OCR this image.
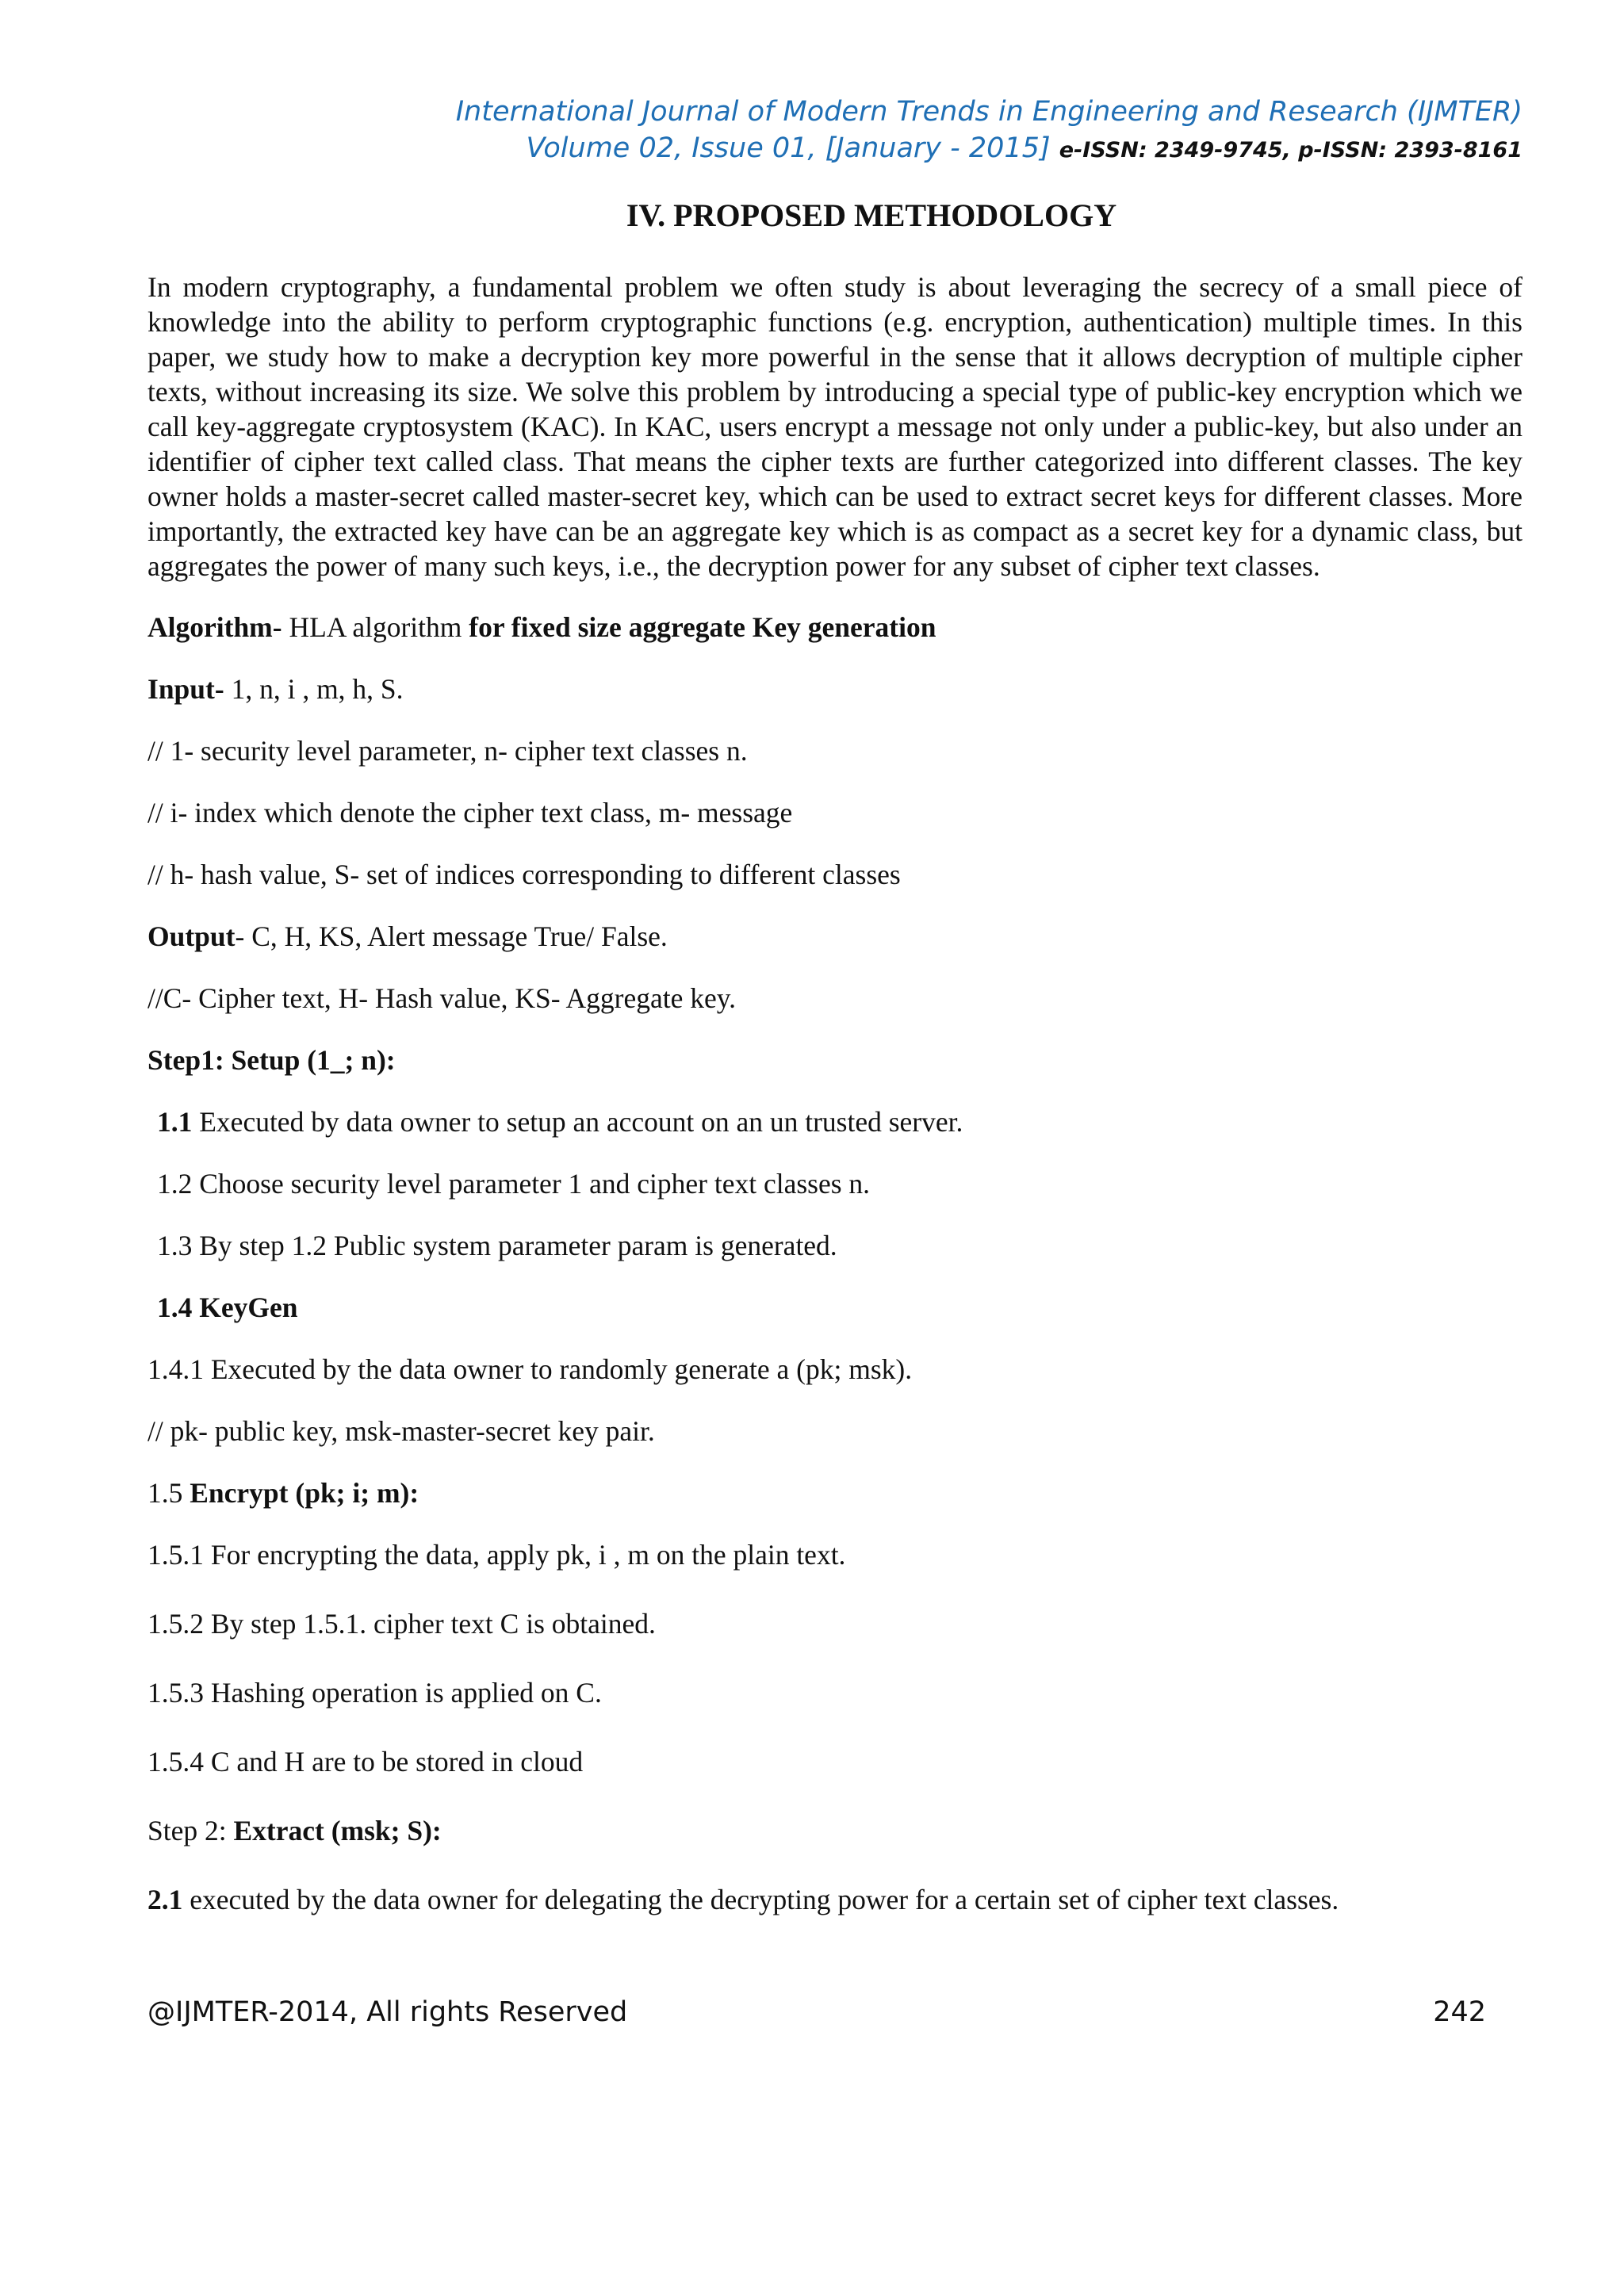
International Journal of Modern Trends in Engineering and Research (IJMTER)
Volume 02, Issue 01, [January - 2015] e-ISSN: 2349-9745, p-ISSN: 2393-8161
IV. PROPOSED METHODOLOGY

In modern cryptography, a fundamental problem we often study is about leveraging the secrecy of a small piece of knowledge into the ability to perform cryptographic functions (e.g. encryption, authentication) multiple times. In this paper, we study how to make a decryption key more powerful in the sense that it allows decryption of multiple cipher texts, without increasing its size. We solve this problem by introducing a special type of public-key encryption which we call key-aggregate cryptosystem (KAC). In KAC, users encrypt a message not only under a public-key, but also under an identifier of cipher text called class. That means the cipher texts are further categorized into different classes. The key owner holds a master-secret called master-secret key, which can be used to extract secret keys for different classes. More importantly, the extracted key have can be an aggregate key which is as compact as a secret key for a dynamic class, but aggregates the power of many such keys, i.e., the decryption power for any subset of cipher text classes.

Algorithm- HLA algorithm for fixed size aggregate Key generation

Input- 1, n, i , m, h, S.

// 1- security level parameter, n- cipher text classes n.

// i- index which denote the cipher text class, m- message

// h- hash value, S- set of indices corresponding to different classes

Output- C, H, KS, Alert message True/ False.

//C- Cipher text, H- Hash value, KS- Aggregate key.

Step1: Setup (1_; n):

1.1 Executed by data owner to setup an account on an un trusted server.

1.2 Choose security level parameter 1 and cipher text classes n.

1.3 By step 1.2 Public system parameter param is generated.

1.4 KeyGen

1.4.1 Executed by the data owner to randomly generate a (pk; msk).

// pk- public key, msk-master-secret key pair.

1.5 Encrypt (pk; i; m):

1.5.1 For encrypting the data, apply pk, i , m on the plain text.

1.5.2 By step 1.5.1. cipher text C is obtained.

1.5.3 Hashing operation is applied on C.

1.5.4 C and H are to be stored in cloud

Step 2: Extract (msk; S):

2.1 executed by the data owner for delegating the decrypting power for a certain set of cipher text classes.

@IJMTER-2014, All rights Reserved	242
